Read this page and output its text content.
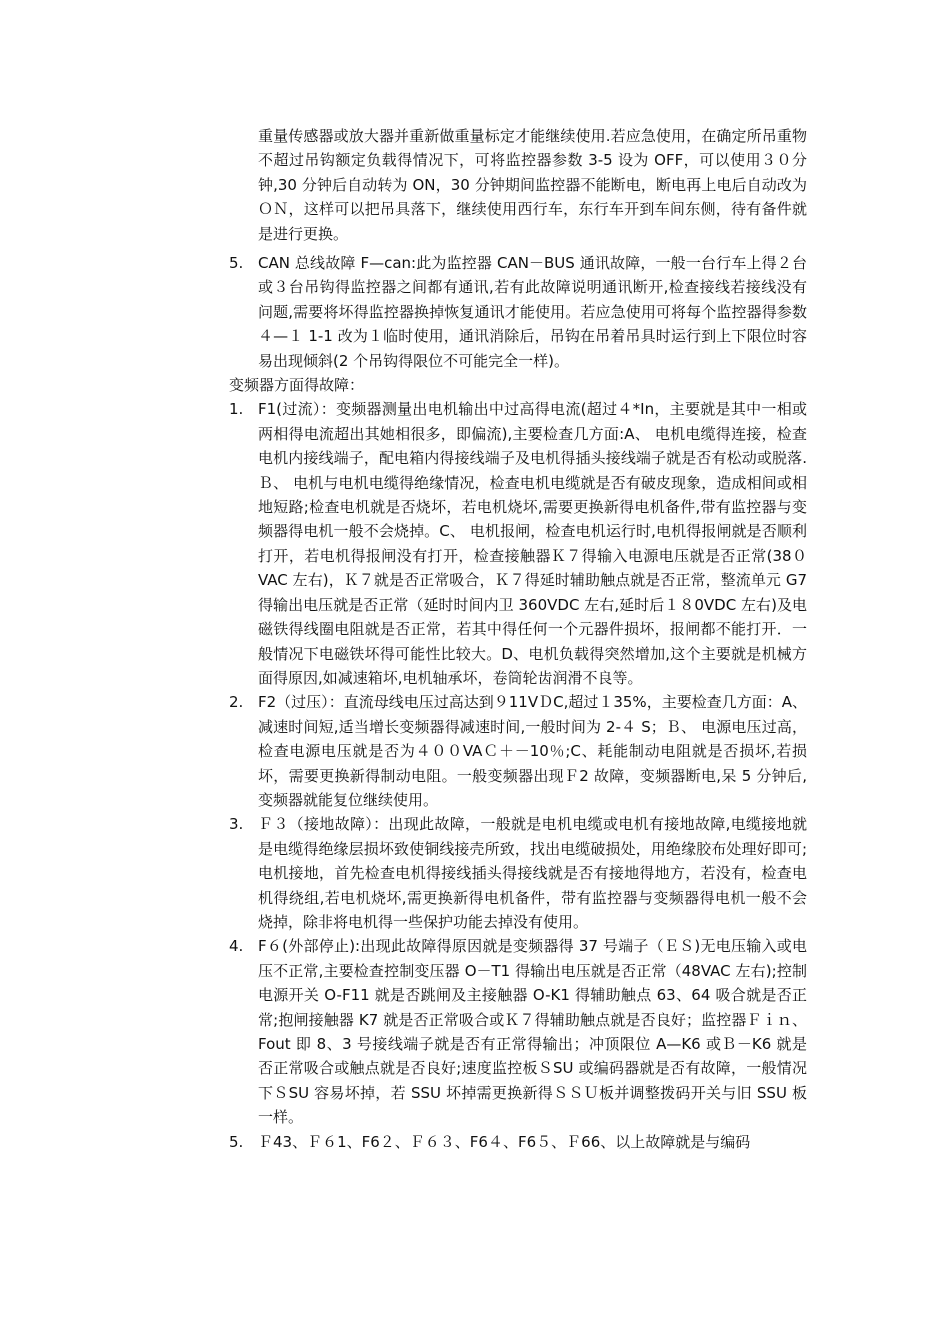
重量传感器或放大器并重新做重量标定才能继续使用.若应急使用，在确定所吊重物不超过吊钩额定负载得情况下，可将监控器参数 3-5 设为 OFF，可以使用３０分钟,30 分钟后自动转为 ON，30 分钟期间监控器不能断电，断电再上电后自动改为ＯＮ，这样可以把吊具落下，继续使用西行车，东行车开到车间东侧，待有备件就是进行更换。

5. CAN 总线故障 F—can:此为监控器 CAN－BUS 通讯故障，一般一台行车上得２台或３台吊钩得监控器之间都有通讯,若有此故障说明通讯断开,检查接线若接线没有问题,需要将坏得监控器换掉恢复通讯才能使用。若应急使用可将每个监控器得参数４—１ 1-1 改为１临时使用，通讯消除后，吊钩在吊着吊具时运行到上下限位时容易出现倾斜(2 个吊钩得限位不可能完全一样)。

变频器方面得故障：

1. F1(过流）：变频器测量出电机输出中过高得电流(超过４*In，主要就是其中一相或两相得电流超出其她相很多，即偏流),主要检查几方面:A、 电机电缆得连接，检查电机内接线端子，配电箱内得接线端子及电机得插头接线端子就是否有松动或脱落.Ｂ、 电机与电机电缆得绝缘情况，检查电机电缆就是否有破皮现象，造成相间或相地短路;检查电机就是否烧坏，若电机烧坏,需要更换新得电机备件,带有监控器与变频器得电机一般不会烧掉。C、 电机报闸，检查电机运行时,电机得报闸就是否顺利打开，若电机得报闸没有打开，检查接触器Ｋ７得输入电源电压就是否正常(38０VAC 左右)，Ｋ７就是否正常吸合，Ｋ７得延时辅助触点就是否正常，整流单元 G7 得输出电压就是否正常（延时时间内卫 360VDC 左右,延时后１８0VDC 左右)及电磁铁得线圈电阻就是否正常，若其中得任何一个元器件损坏，报闸都不能打开．一般情况下电磁铁坏得可能性比较大。D、电机负载得突然增加,这个主要就是机械方面得原因,如减速箱坏,电机轴承坏，卷筒轮齿润滑不良等。

2. F2（过压）：直流母线电压过高达到９11VＤC,超过１35%，主要检查几方面：A、减速时间短,适当增长变频器得减速时间,一般时间为 2-４ S；Ｂ、 电源电压过高，检查电源电压就是否为４００VAＣ＋－10％;C、耗能制动电阻就是否损坏,若损坏，需要更换新得制动电阻。一般变频器出现Ｆ2 故障，变频器断电,呆 5 分钟后,变频器就能复位继续使用。

3. Ｆ３（接地故障）：出现此故障，一般就是电机电缆或电机有接地故障,电缆接地就是电缆得绝缘层损坏致使铜线接壳所致，找出电缆破损处，用绝缘胶布处理好即可;电机接地，首先检查电机得接线插头得接线就是否有接地得地方，若没有，检查电机得绕组,若电机烧坏,需更换新得电机备件，带有监控器与变频器得电机一般不会烧掉，除非将电机得一些保护功能去掉没有使用。

4. F６(外部停止):出现此故障得原因就是变频器得 37 号端子（ＥＳ)无电压输入或电压不正常,主要检查控制变压器 O－T1 得输出电压就是否正常（48VAC 左右);控制电源开关 O-F11 就是否跳闸及主接触器 O-K1 得辅助触点 63、64 吸合就是否正常;抱闸接触器 K7 就是否正常吸合或Ｋ７得辅助触点就是否良好；监控器Ｆｉｎ、Fout 即 8、3 号接线端子就是否有正常得输出；冲顶限位 A—K6 或Ｂ－K6 就是否正常吸合或触点就是否良好;速度监控板ＳSU 或编码器就是否有故障，一般情况下ＳSU 容易坏掉，若 SSU 坏掉需更换新得ＳＳＵ板并调整拨码开关与旧 SSU 板一样。

5. Ｆ43、Ｆ６1、F6２、Ｆ６３、F6４、F6５、Ｆ66、以上故障就是与编码
